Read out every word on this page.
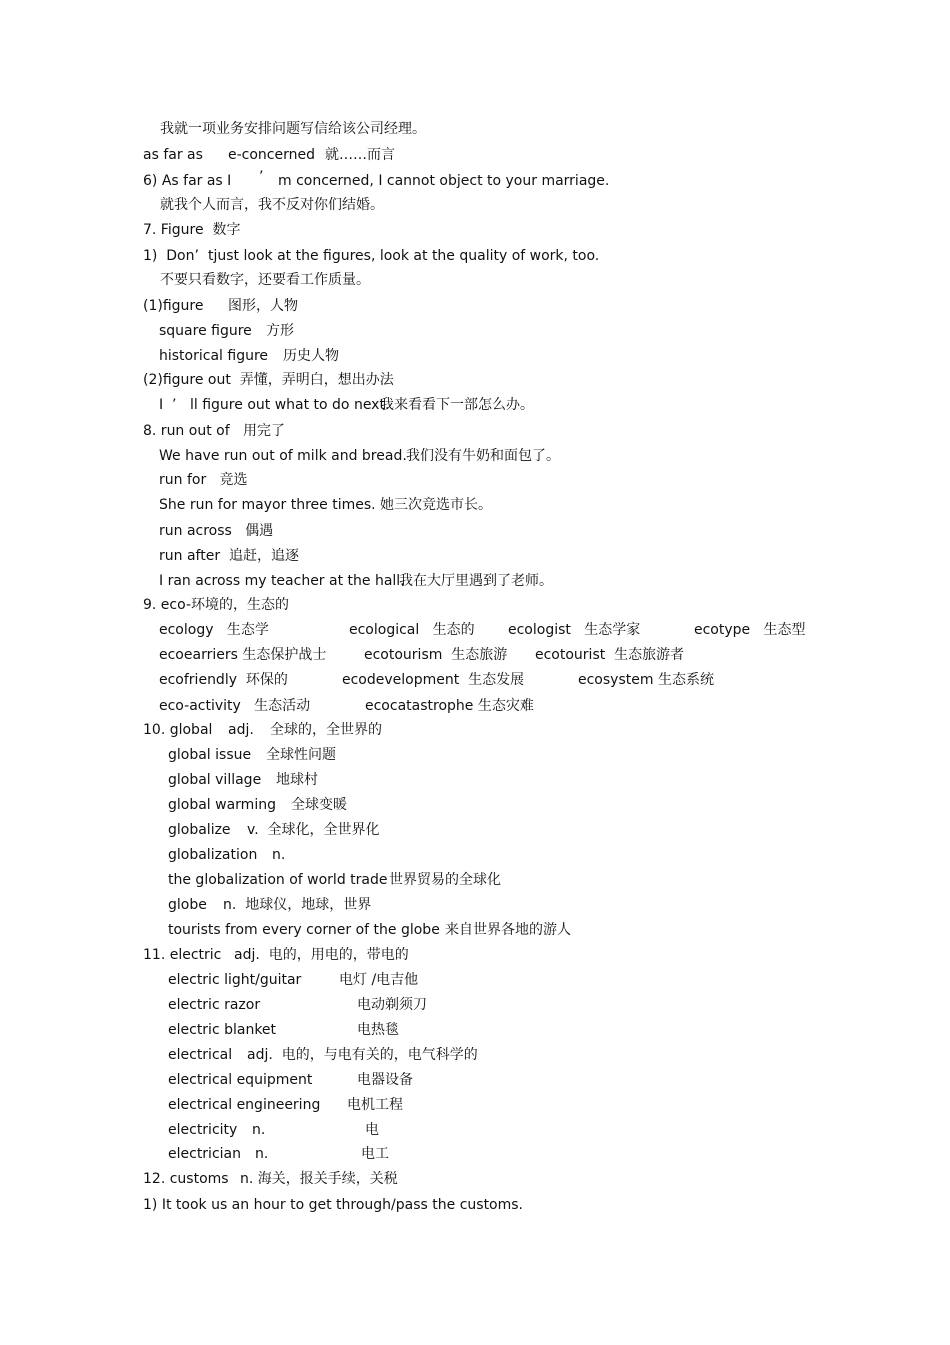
我就一项业务安排问题写信给该公司经理。
as far as e-concerned 就……而言
6) As far as I ’ m concerned, I cannot object to your marriage.
就我个人而言，我不反对你们结婚。
7. Figure  数字
1)  Don’ tjust look at the figures, look at the quality of work, too.
不要只看数字，还要看工作质量。
(1)figure 图形，人物
square figure 方形
historical figure 历史人物
(2)figure out  弄懂，弄明白，想出办法
I  ’ ll figure out what to do next.
我来看看下一部怎么办。
8. run out of 用完了
We have run out of milk and bread. 我们没有牛奶和面包了。
run for   竞选
She run for mayor three times. 她三次竞选市长。
run across   偶遇
run after  追赶，追逐
I ran across my teacher at the hall.
我在大厅里遇到了老师。
9. eco-环境的，生态的
ecology   生态学	ecological   生态的 ecologist   生态学家	ecotype   生态型
ecoearriers 生态保护战士	ecotourism  生态旅游 ecotourist  生态旅游者
ecofriendly  环保的	ecodevelopment  生态发展	ecosystem 生态系统
eco-activity   生态活动	ecocatastrophe 生态灾难
10. global adj. 全球的，全世界的
global issue 全球性问题
global village 地球村
global warming 全球变暖
globalize v.  全球化，全世界化
globalization n.
the globalization of world trade 世界贸易的全球化
globe n.  地球仪，地球，世界
tourists from every corner of the globe 来自世界各地的游人
11. electric adj.  电的，用电的，带电的
electric light/guitar	电灯 /电吉他
electric razor	电动剃须刀
electric blanket	电热毯
electrical adj.  电的，与电有关的，电气科学的
electrical equipment	电器设备
electrical engineering 电机工程
electricity n.	电
electrician n.	电工
12. customs n. 海关，报关手续，关税
1) It took us an hour to get through/pass the customs.
